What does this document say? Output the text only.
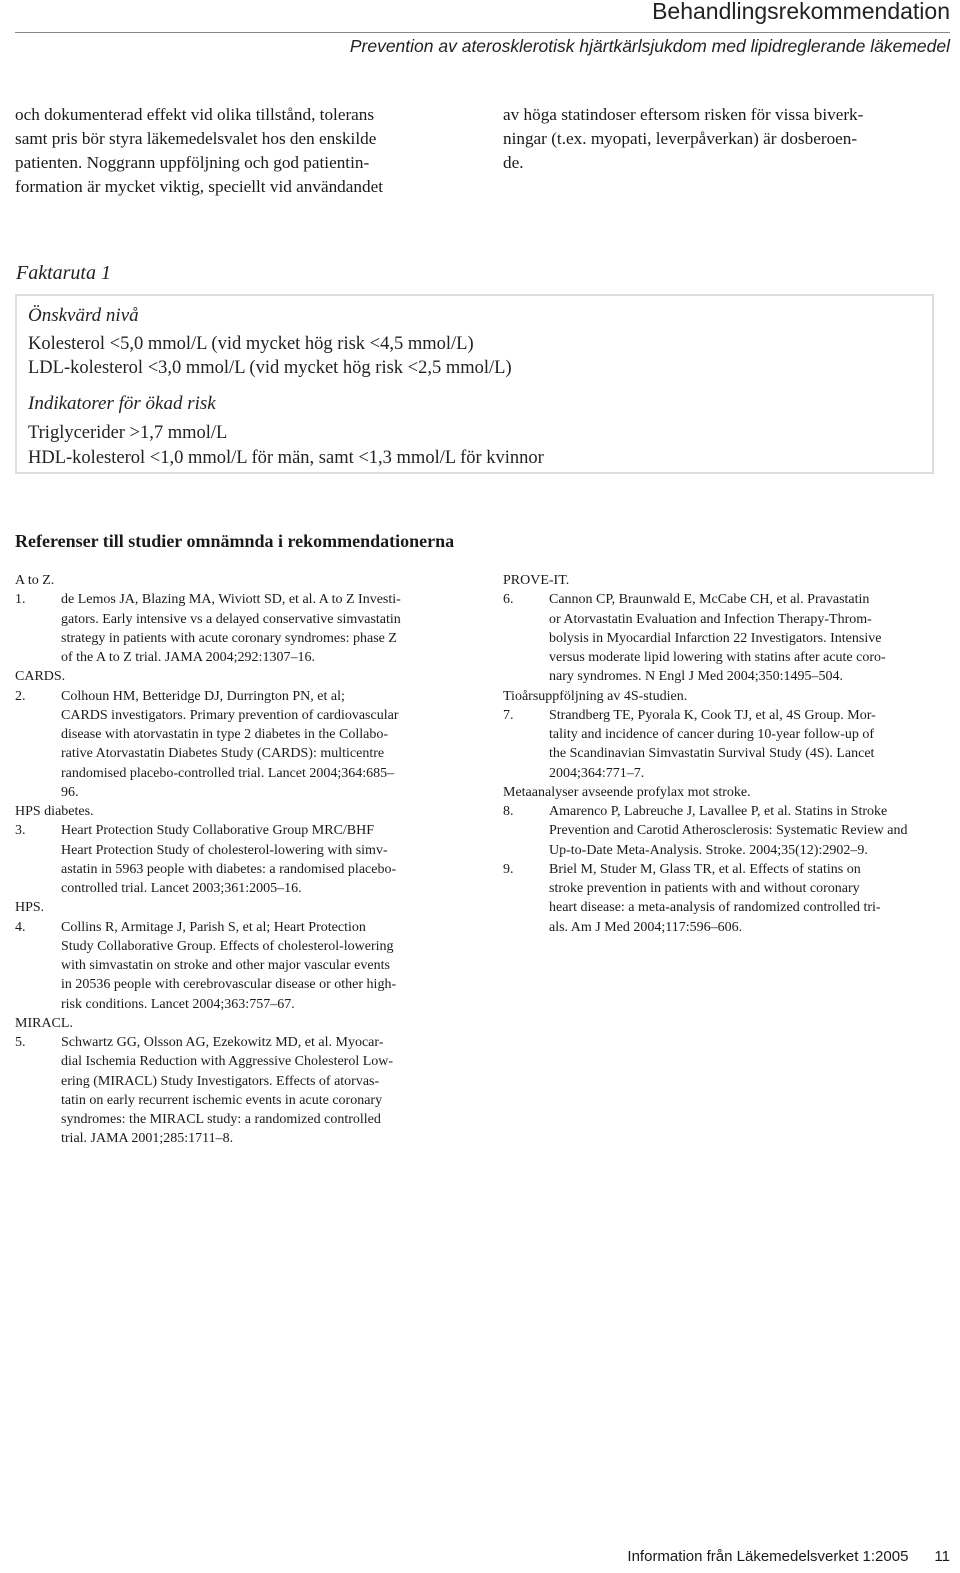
Behandlingsrekommendation
Prevention av aterosklerotisk hjärtkärlsjukdom med lipidreglerande läkemedel

och dokumenterad effekt vid olika tillstånd, tolerans

samt pris bör styra läkemedelsvalet hos den enskilde

patienten. Noggrann uppföljning och god patientin-

formation är mycket viktig, speciellt vid användandet

av höga statindoser eftersom risken för vissa biverk-

ningar (t.ex. myopati, leverpåverkan) är dosberoen-

de.

Faktaruta 1
Önskvärd nivå
Kolesterol <5,0 mmol/L (vid mycket hög risk <4,5 mmol/L)
LDL-kolesterol <3,0 mmol/L (vid mycket hög risk <2,5 mmol/L)
Indikatorer för ökad risk
Triglycerider >1,7 mmol/L
HDL-kolesterol <1,0 mmol/L för män, samt <1,3 mmol/L för kvinnor
Referenser till studier omnämnda i rekommendationerna
A to Z.
1.	de Lemos JA, Blazing MA, Wiviott SD, et al. A to Z Investi-
gators. Early intensive vs a delayed conservative simvastatin
strategy in patients with acute coronary syndromes: phase Z
of the A to Z trial. JAMA 2004;292:1307–16.
CARDS.
2.	Colhoun HM, Betteridge DJ, Durrington PN, et al;
CARDS investigators. Primary prevention of cardiovascular
disease with atorvastatin in type 2 diabetes in the Collabo-
rative Atorvastatin Diabetes Study (CARDS): multicentre
randomised placebo-controlled trial. Lancet 2004;364:685–
96.
HPS diabetes.
3.	Heart Protection Study Collaborative Group MRC/BHF
Heart Protection Study of cholesterol-lowering with simv-
astatin in 5963 people with diabetes: a randomised placebo-
controlled trial. Lancet 2003;361:2005–16.
HPS.
4.	Collins R, Armitage J, Parish S, et al; Heart Protection
Study Collaborative Group. Effects of cholesterol-lowering
with simvastatin on stroke and other major vascular events
in 20536 people with cerebrovascular disease or other high-
risk conditions. Lancet 2004;363:757–67.
MIRACL.
5.	Schwartz GG, Olsson AG, Ezekowitz MD, et al. Myocar-
dial Ischemia Reduction with Aggressive Cholesterol Low-
ering (MIRACL) Study Investigators. Effects of atorvas-
tatin on early recurrent ischemic events in acute coronary
syndromes: the MIRACL study: a randomized controlled
trial. JAMA 2001;285:1711–8.
PROVE-IT.
6.	Cannon CP, Braunwald E, McCabe CH, et al. Pravastatin
or Atorvastatin Evaluation and Infection Therapy-Throm-
bolysis in Myocardial Infarction 22 Investigators. Intensive
versus moderate lipid lowering with statins after acute coro-
nary syndromes. N Engl J Med 2004;350:1495–504.
Tioårsuppföljning av 4S-studien.
7.	Strandberg TE, Pyorala K, Cook TJ, et al, 4S Group. Mor-
tality and incidence of cancer during 10-year follow-up of
the Scandinavian Simvastatin Survival Study (4S). Lancet
2004;364:771–7.
Metaanalyser avseende profylax mot stroke.
8.	Amarenco P, Labreuche J, Lavallee P, et al. Statins in Stroke
Prevention and Carotid Atherosclerosis: Systematic Review and
Up-to-Date Meta-Analysis. Stroke. 2004;35(12):2902–9.
9.	Briel M, Studer M, Glass TR, et al. Effects of statins on
stroke prevention in patients with and without coronary
heart disease: a meta-analysis of randomized controlled tri-
als. Am J Med 2004;117:596–606.
Information från Läkemedelsverket 1:2005 11
